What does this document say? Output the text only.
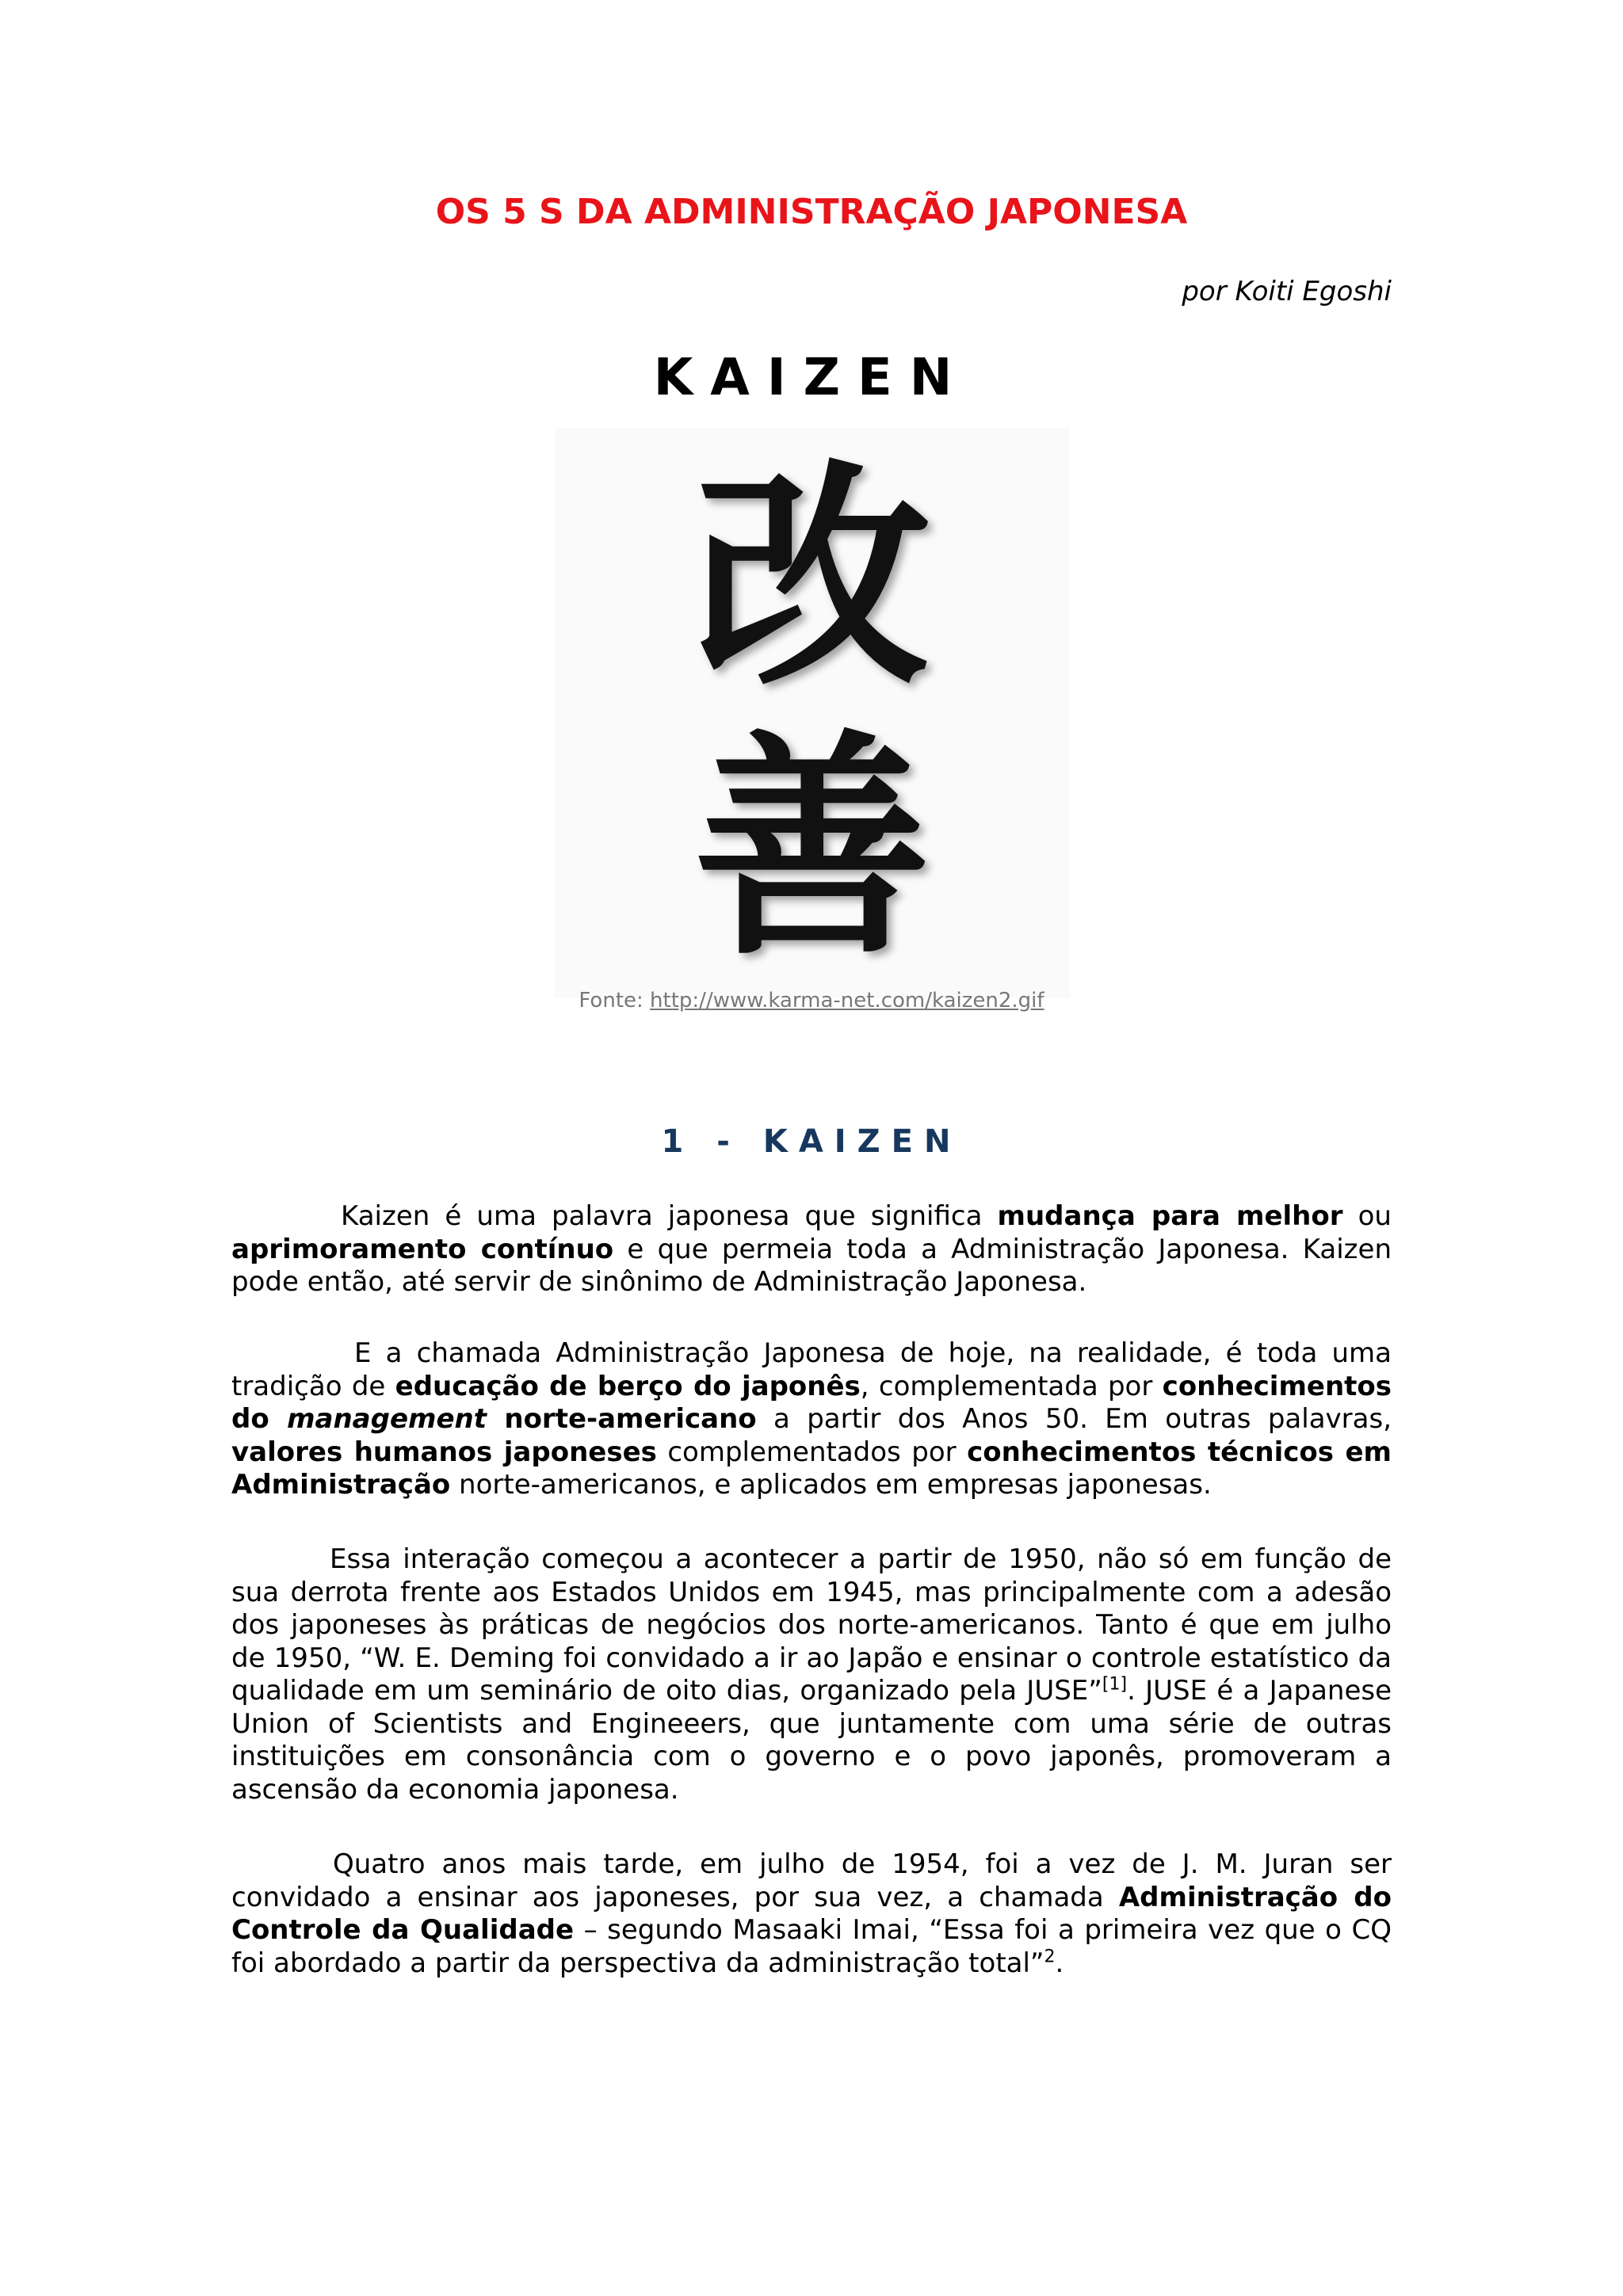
OS 5 S DA ADMINISTRAÇÃO JAPONESA
por Koiti Egoshi
KAIZEN
改
善
Fonte: http://www.karma-net.com/kaizen2.gif
1 - KAIZEN
Kaizen é uma palavra japonesa que significa mudança para melhor ou aprimoramento contínuo e que permeia toda a Administração Japonesa. Kaizen pode então, até servir de sinônimo de Administração Japonesa.
E a chamada Administração Japonesa de hoje, na realidade, é toda uma tradição de educação de berço do japonês, complementada por conhecimentos do management norte-americano a partir dos Anos 50. Em outras palavras, valores humanos japoneses complementados por conhecimentos técnicos em Administração norte-americanos, e aplicados em empresas japonesas.
Essa interação começou a acontecer a partir de 1950, não só em função de sua derrota frente aos Estados Unidos em 1945, mas principalmente com a adesão dos japoneses às práticas de negócios dos norte-americanos. Tanto é que em julho de 1950, “W. E. Deming foi convidado a ir ao Japão e ensinar o controle estatístico da qualidade em um seminário de oito dias, organizado pela JUSE”[1]. JUSE é a Japanese Union of Scientists and Engineeers, que juntamente com uma série de outras instituições em consonância com o governo e o povo japonês, promoveram a ascensão da economia japonesa.
Quatro anos mais tarde, em julho de 1954, foi a vez de J. M. Juran ser convidado a ensinar aos japoneses, por sua vez, a chamada Administração do Controle da Qualidade – segundo Masaaki Imai, “Essa foi a primeira vez que o CQ foi abordado a partir da perspectiva da administração total”$^2$.
